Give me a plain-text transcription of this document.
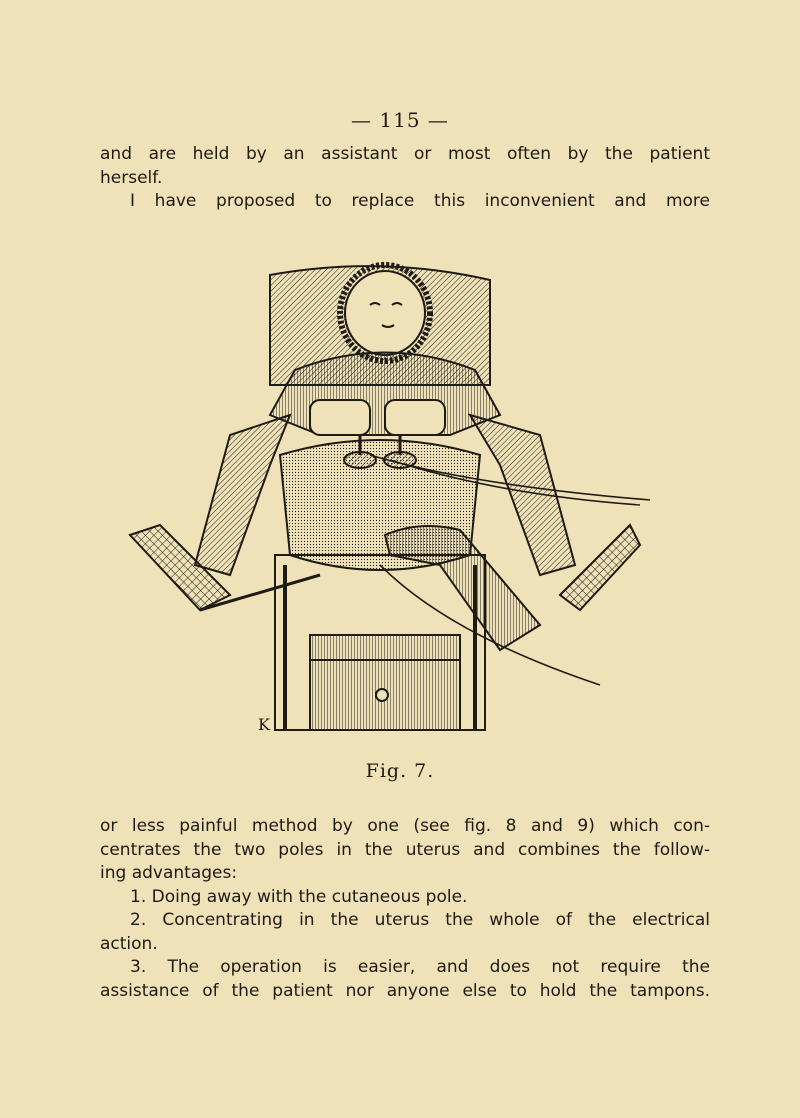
— 115 —

and are held by an assistant or most often by the patient
herself.
I have proposed to replace this inconvenient and more

K
Fig. 7.

or less painful method by one (see fig. 8 and 9) which con-
centrates the two poles in the uterus and combines the follow-
ing advantages:
1. Doing away with the cutaneous pole.
2. Concentrating in the uterus the whole of the electrical
action.
3. The operation is easier, and does not require the
assistance of the patient nor anyone else to hold the tampons.
